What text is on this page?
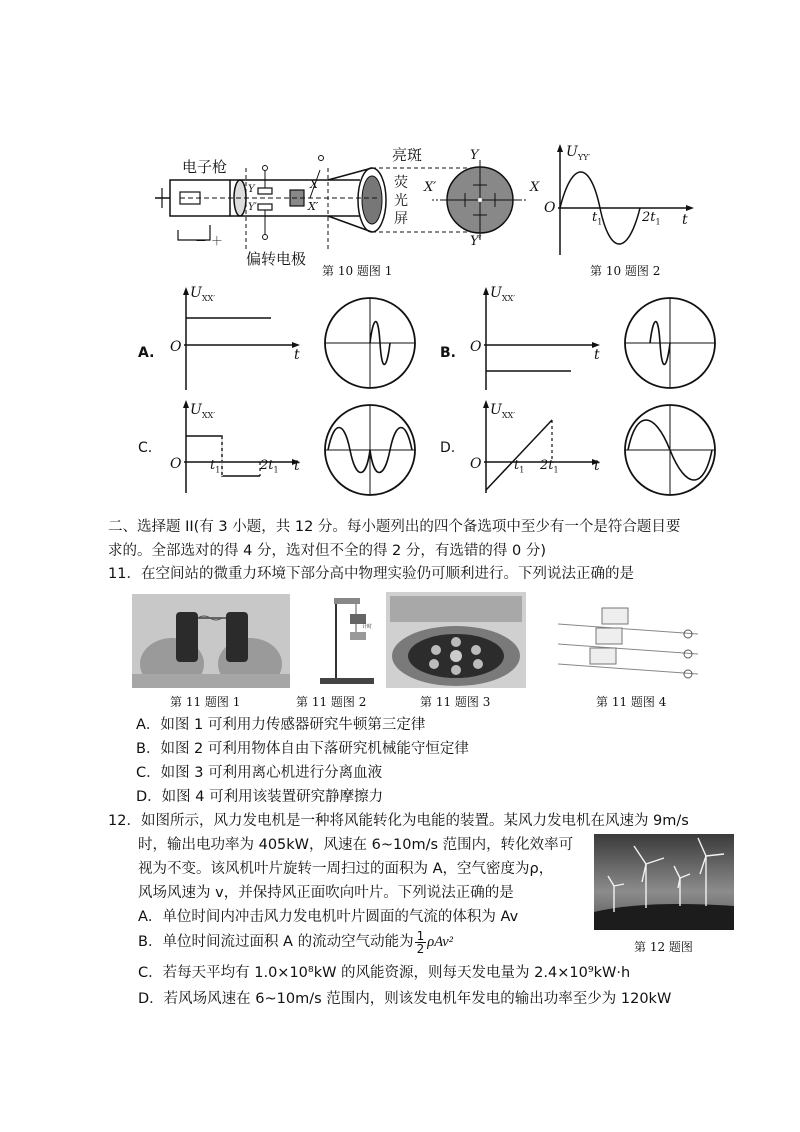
电子枪
偏转电极
亮斑
荧
光
屏
Y
Y′
X′	X
X
X′
Y
Y′
－ ＋
第 10 题图 1
$U_{YY'}$
O
$t_1$	$2t_1$ t
第 10 题图 2
A.
$U_{XX'}$
O	t	B.
$U_{XX'}$
O	t
C.
$U_{XX'}$
O $t_1$	$2t_1$ t
D.
$U_{XX'}$
O	$t_1$ $2t_1$	t
二、选择题 II(有 3 小题，共 12 分。每小题列出的四个备选项中至少有一个是符合题目要
求的。全部选对的得 4 分，选对但不全的得 2 分，有选错的得 0 分)
11．在空间站的微重力环境下部分高中物理实验仍可顺利进行。下列说法正确的是
计时
第 11 题图 1	第 11 题图 2	第 11 题图 3	第 11 题图 4
A．如图 1 可利用力传感器研究牛顿第三定律
B．如图 2 可利用物体自由下落研究机械能守恒定律
C．如图 3 可利用离心机进行分离血液
D．如图 4 可利用该装置研究静摩擦力
12．如图所示，风力发电机是一种将风能转化为电能的装置。某风力发电机在风速为 9m/s
时，输出电功率为 405kW，风速在 6~10m/s 范围内，转化效率可
视为不变。该风机叶片旋转一周扫过的面积为 A，空气密度为ρ，
风场风速为 v，并保持风正面吹向叶片。下列说法正确的是
A．单位时间内冲击风力发电机叶片圆面的气流的体积为 Av
B．单位时间流过面积 A 的流动空气动能为 $\frac{1}{2} \rho Av^2$
C．若每天平均有 1.0×10⁸kW 的风能资源，则每天发电量为 2.4×10⁹kW·h
D．若风场风速在 6~10m/s 范围内，则该发电机年发电的输出功率至少为 120kW
第 12 题图
